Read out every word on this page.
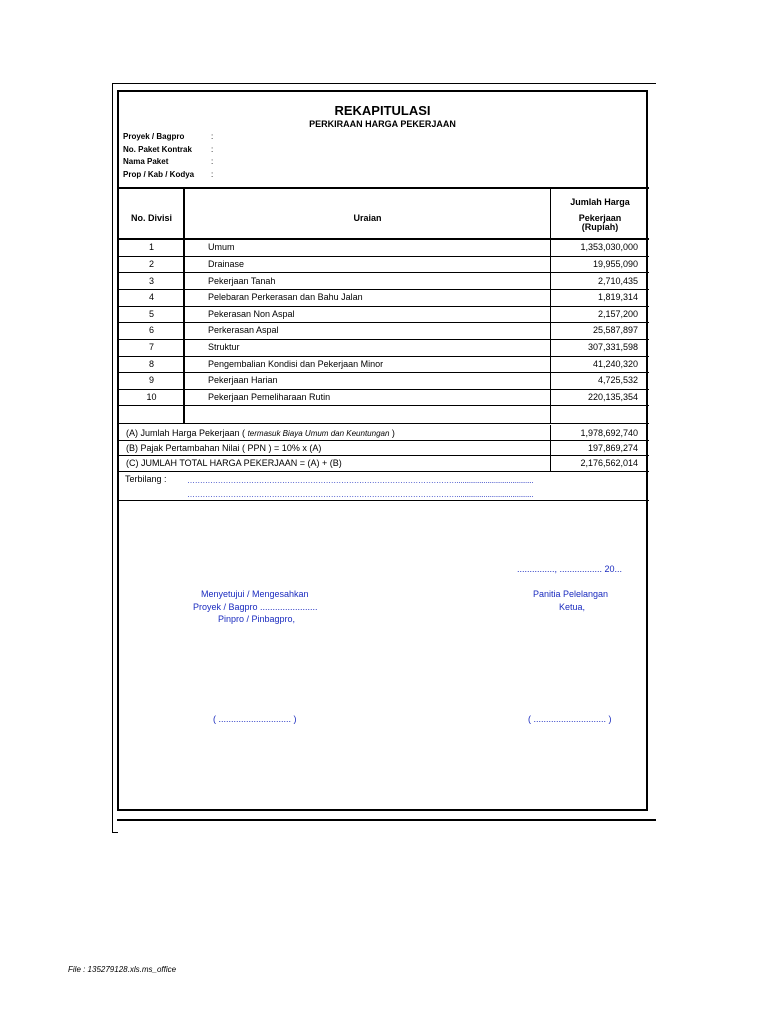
REKAPITULASI
PERKIRAAN HARGA PEKERJAAN
Proyek / Bagpro	:
No. Paket Kontrak :
Nama Paket	:
Prop / Kab / Kodya :
No. Divisi	Uraian
Jumlah Harga
Pekerjaan
(Rupiah)
1	Umum	1,353,030,000
2	Drainase	19,955,090
3	Pekerjaan Tanah	2,710,435
4	Pelebaran Perkerasan dan Bahu Jalan	1,819,314
5	Pekerasan Non Aspal	2,157,200
6	Perkerasan Aspal	25,587,897
7	Struktur	307,331,598
8	Pengembalian Kondisi dan Pekerjaan Minor	41,240,320
9	Pekerjaan Harian	4,725,532
10	Pekerjaan Pemeliharaan Rutin	220,135,354
(A) Jumlah Harga Pekerjaan ( termasuk Biaya Umum dan Keuntungan )	1,978,692,740
(B) Pajak Pertambahan Nilai ( PPN ) = 10% x (A)	197,869,274
(C) JUMLAH TOTAL HARGA PEKERJAAN = (A) + (B)	2,176,562,014
Terbilang :	……………………………………………………………………………………………........................................
……………………………………………………………………………………………........................................
..............., ................. 20...
Menyetujui / Mengesahkan
Proyek / Bagpro .......................
Pinpro / Pinbagpro,
( ............................. )
Panitia Pelelangan
Ketua,
( ............................. )
File : 135279128.xls.ms_office
